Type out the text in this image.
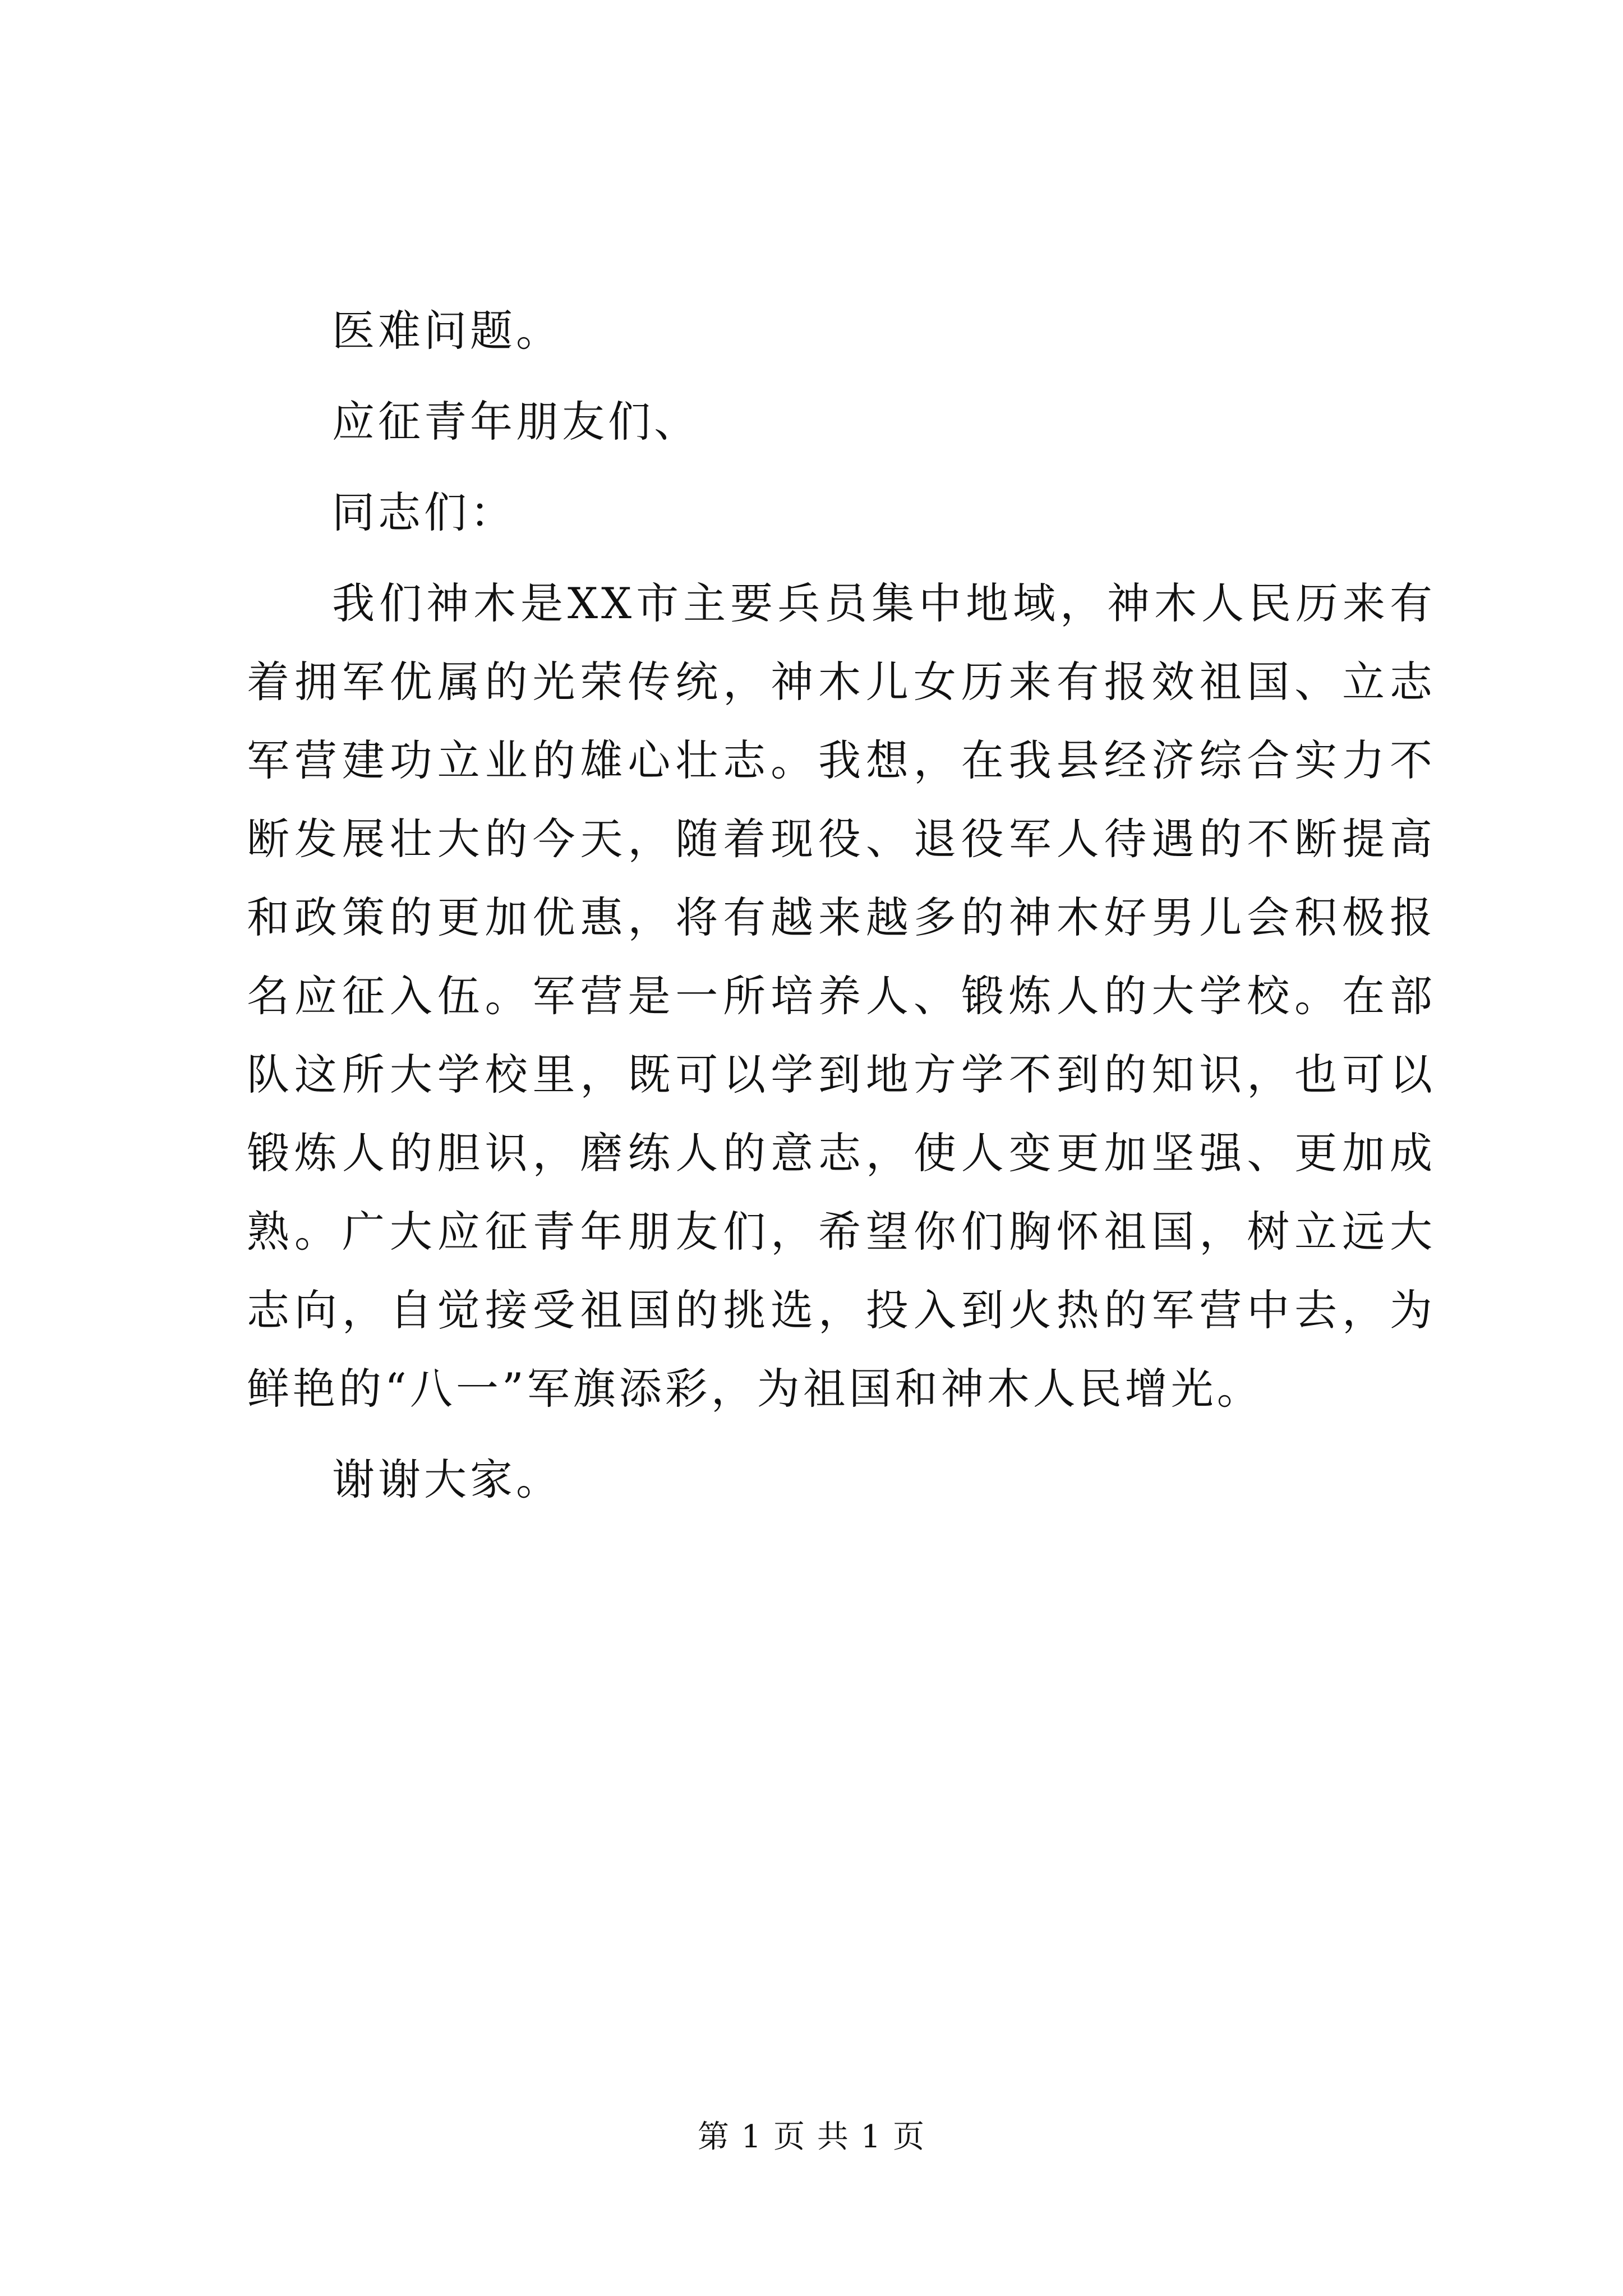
医难问题。

应征青年朋友们、

同志们：

我们神木是XX市主要兵员集中地域，神木人民历来有着拥军优属的光荣传统，神木儿女历来有报效祖国、立志军营建功立业的雄心壮志。我想，在我县经济综合实力不断发展壮大的今天，随着现役、退役军人待遇的不断提高和政策的更加优惠，将有越来越多的神木好男儿会积极报名应征入伍。军营是一所培养人、锻炼人的大学校。在部队这所大学校里，既可以学到地方学不到的知识，也可以锻炼人的胆识，磨练人的意志，使人变更加坚强、更加成熟。广大应征青年朋友们，希望你们胸怀祖国，树立远大志向，自觉接受祖国的挑选，投入到火热的军营中去，为鲜艳的“八一”军旗添彩，为祖国和神木人民增光。

谢谢大家。

第 1 页 共 1 页
